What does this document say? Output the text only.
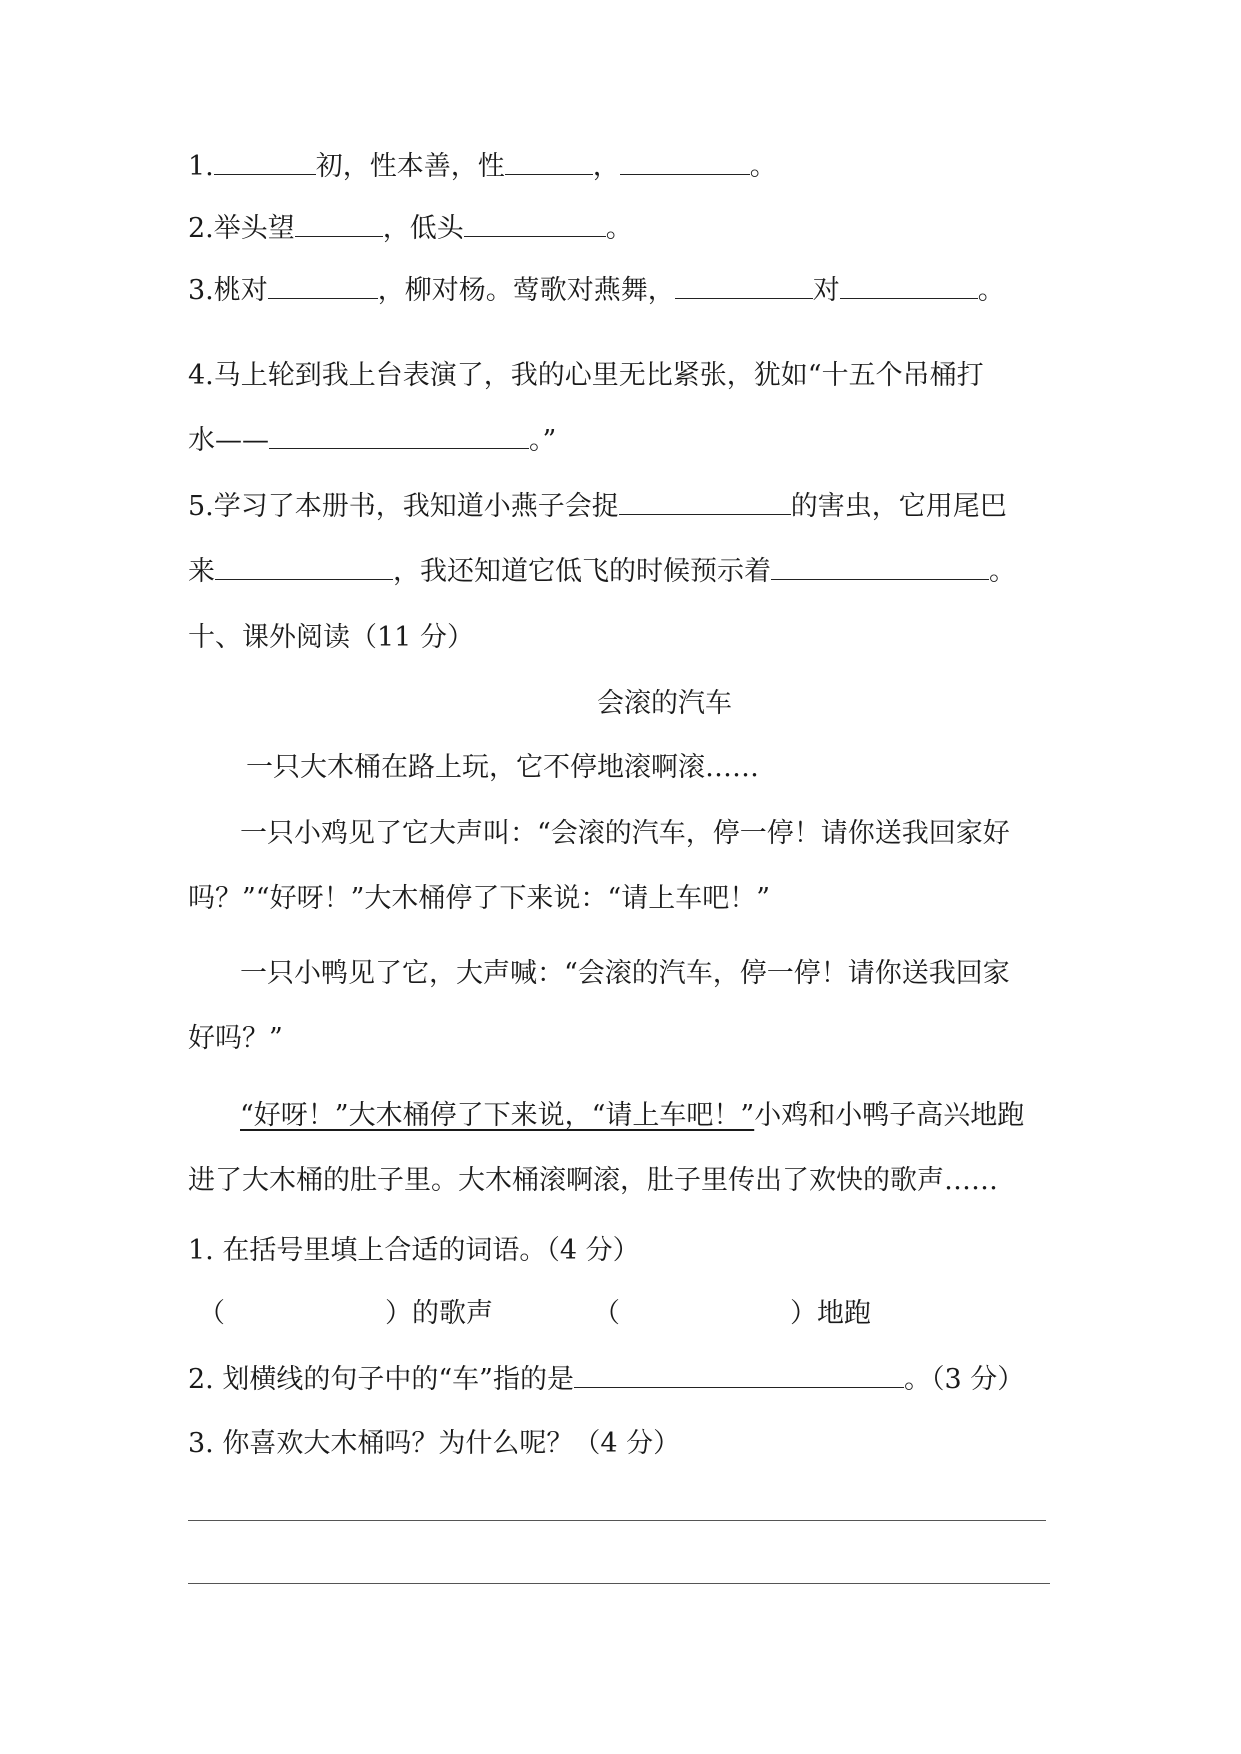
1.	初，性本善，性	，	。
2.举头望	，低头	。
3.桃对	，柳对杨。莺歌对燕舞，	对	。
4.马上轮到我上台表演了，我的心里无比紧张，犹如“十五个吊桶打
水——	。”
5.学习了本册书，我知道小燕子会捉	的害虫，它用尾巴
来	，我还知道它低飞的时候预示着	。
十、课外阅读（11 分）
会滚的汽车
一只大木桶在路上玩，它不停地滚啊滚……
一只小鸡见了它大声叫：“会滚的汽车，停一停！请你送我回家好
吗？”“好呀！”大木桶停了下来说：“请上车吧！”
一只小鸭见了它，大声喊：“会滚的汽车，停一停！请你送我回家
好吗？”
“好呀！”大木桶停了下来说，“请上车吧！”小鸡和小鸭子高兴地跑
进了大木桶的肚子里。大木桶滚啊滚，肚子里传出了欢快的歌声……
1. 在括号里填上合适的词语。（4 分）
（	）的歌声	（	）地跑
2. 划横线的句子中的“车”指的是	。（3 分）
3. 你喜欢大木桶吗？为什么呢？（4 分）
